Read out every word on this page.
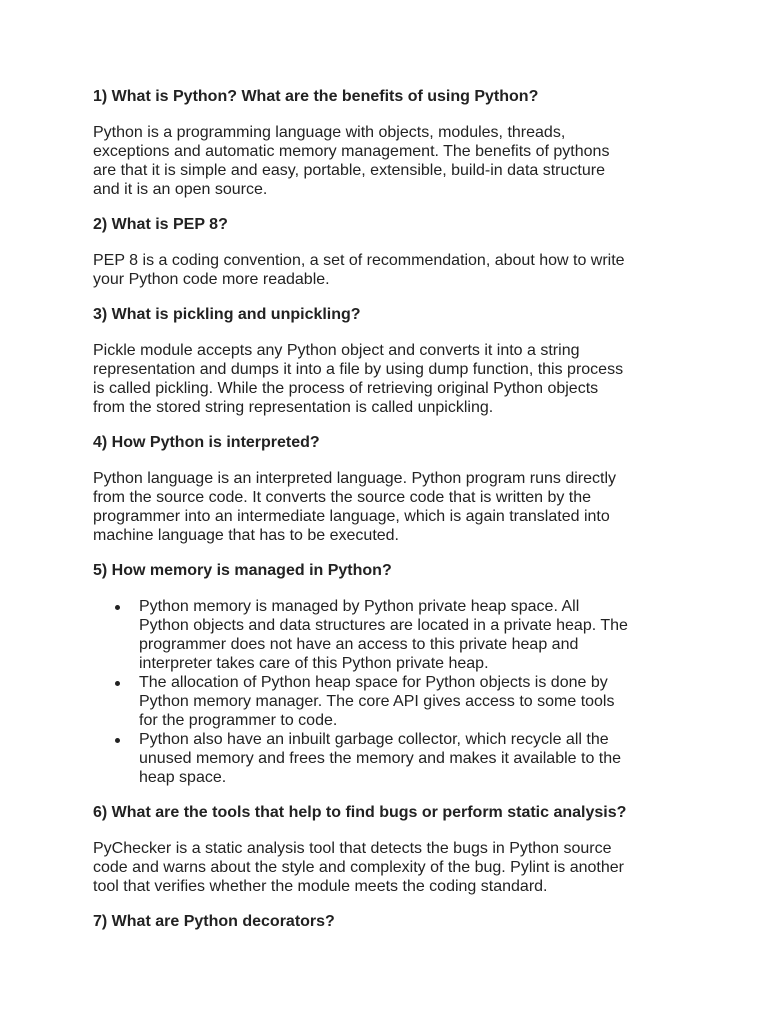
1) What is Python? What are the benefits of using Python?

Python is a programming language with objects, modules, threads,
exceptions and automatic memory management. The benefits of pythons
are that it is simple and easy, portable, extensible, build-in data structure
and it is an open source.

2) What is PEP 8?

PEP 8 is a coding convention, a set of recommendation, about how to write
your Python code more readable.

3) What is pickling and unpickling?

Pickle module accepts any Python object and converts it into a string
representation and dumps it into a file by using dump function, this process
is called pickling. While the process of retrieving original Python objects
from the stored string representation is called unpickling.

4) How Python is interpreted?

Python language is an interpreted language. Python program runs directly
from the source code. It converts the source code that is written by the
programmer into an intermediate language, which is again translated into
machine language that has to be executed.

5) How memory is managed in Python?

Python memory is managed by Python private heap space. All
Python objects and data structures are located in a private heap. The
programmer does not have an access to this private heap and
interpreter takes care of this Python private heap.
The allocation of Python heap space for Python objects is done by
Python memory manager. The core API gives access to some tools
for the programmer to code.
Python also have an inbuilt garbage collector, which recycle all the
unused memory and frees the memory and makes it available to the
heap space.

6) What are the tools that help to find bugs or perform static analysis?

PyChecker is a static analysis tool that detects the bugs in Python source
code and warns about the style and complexity of the bug. Pylint is another
tool that verifies whether the module meets the coding standard.

7) What are Python decorators?
